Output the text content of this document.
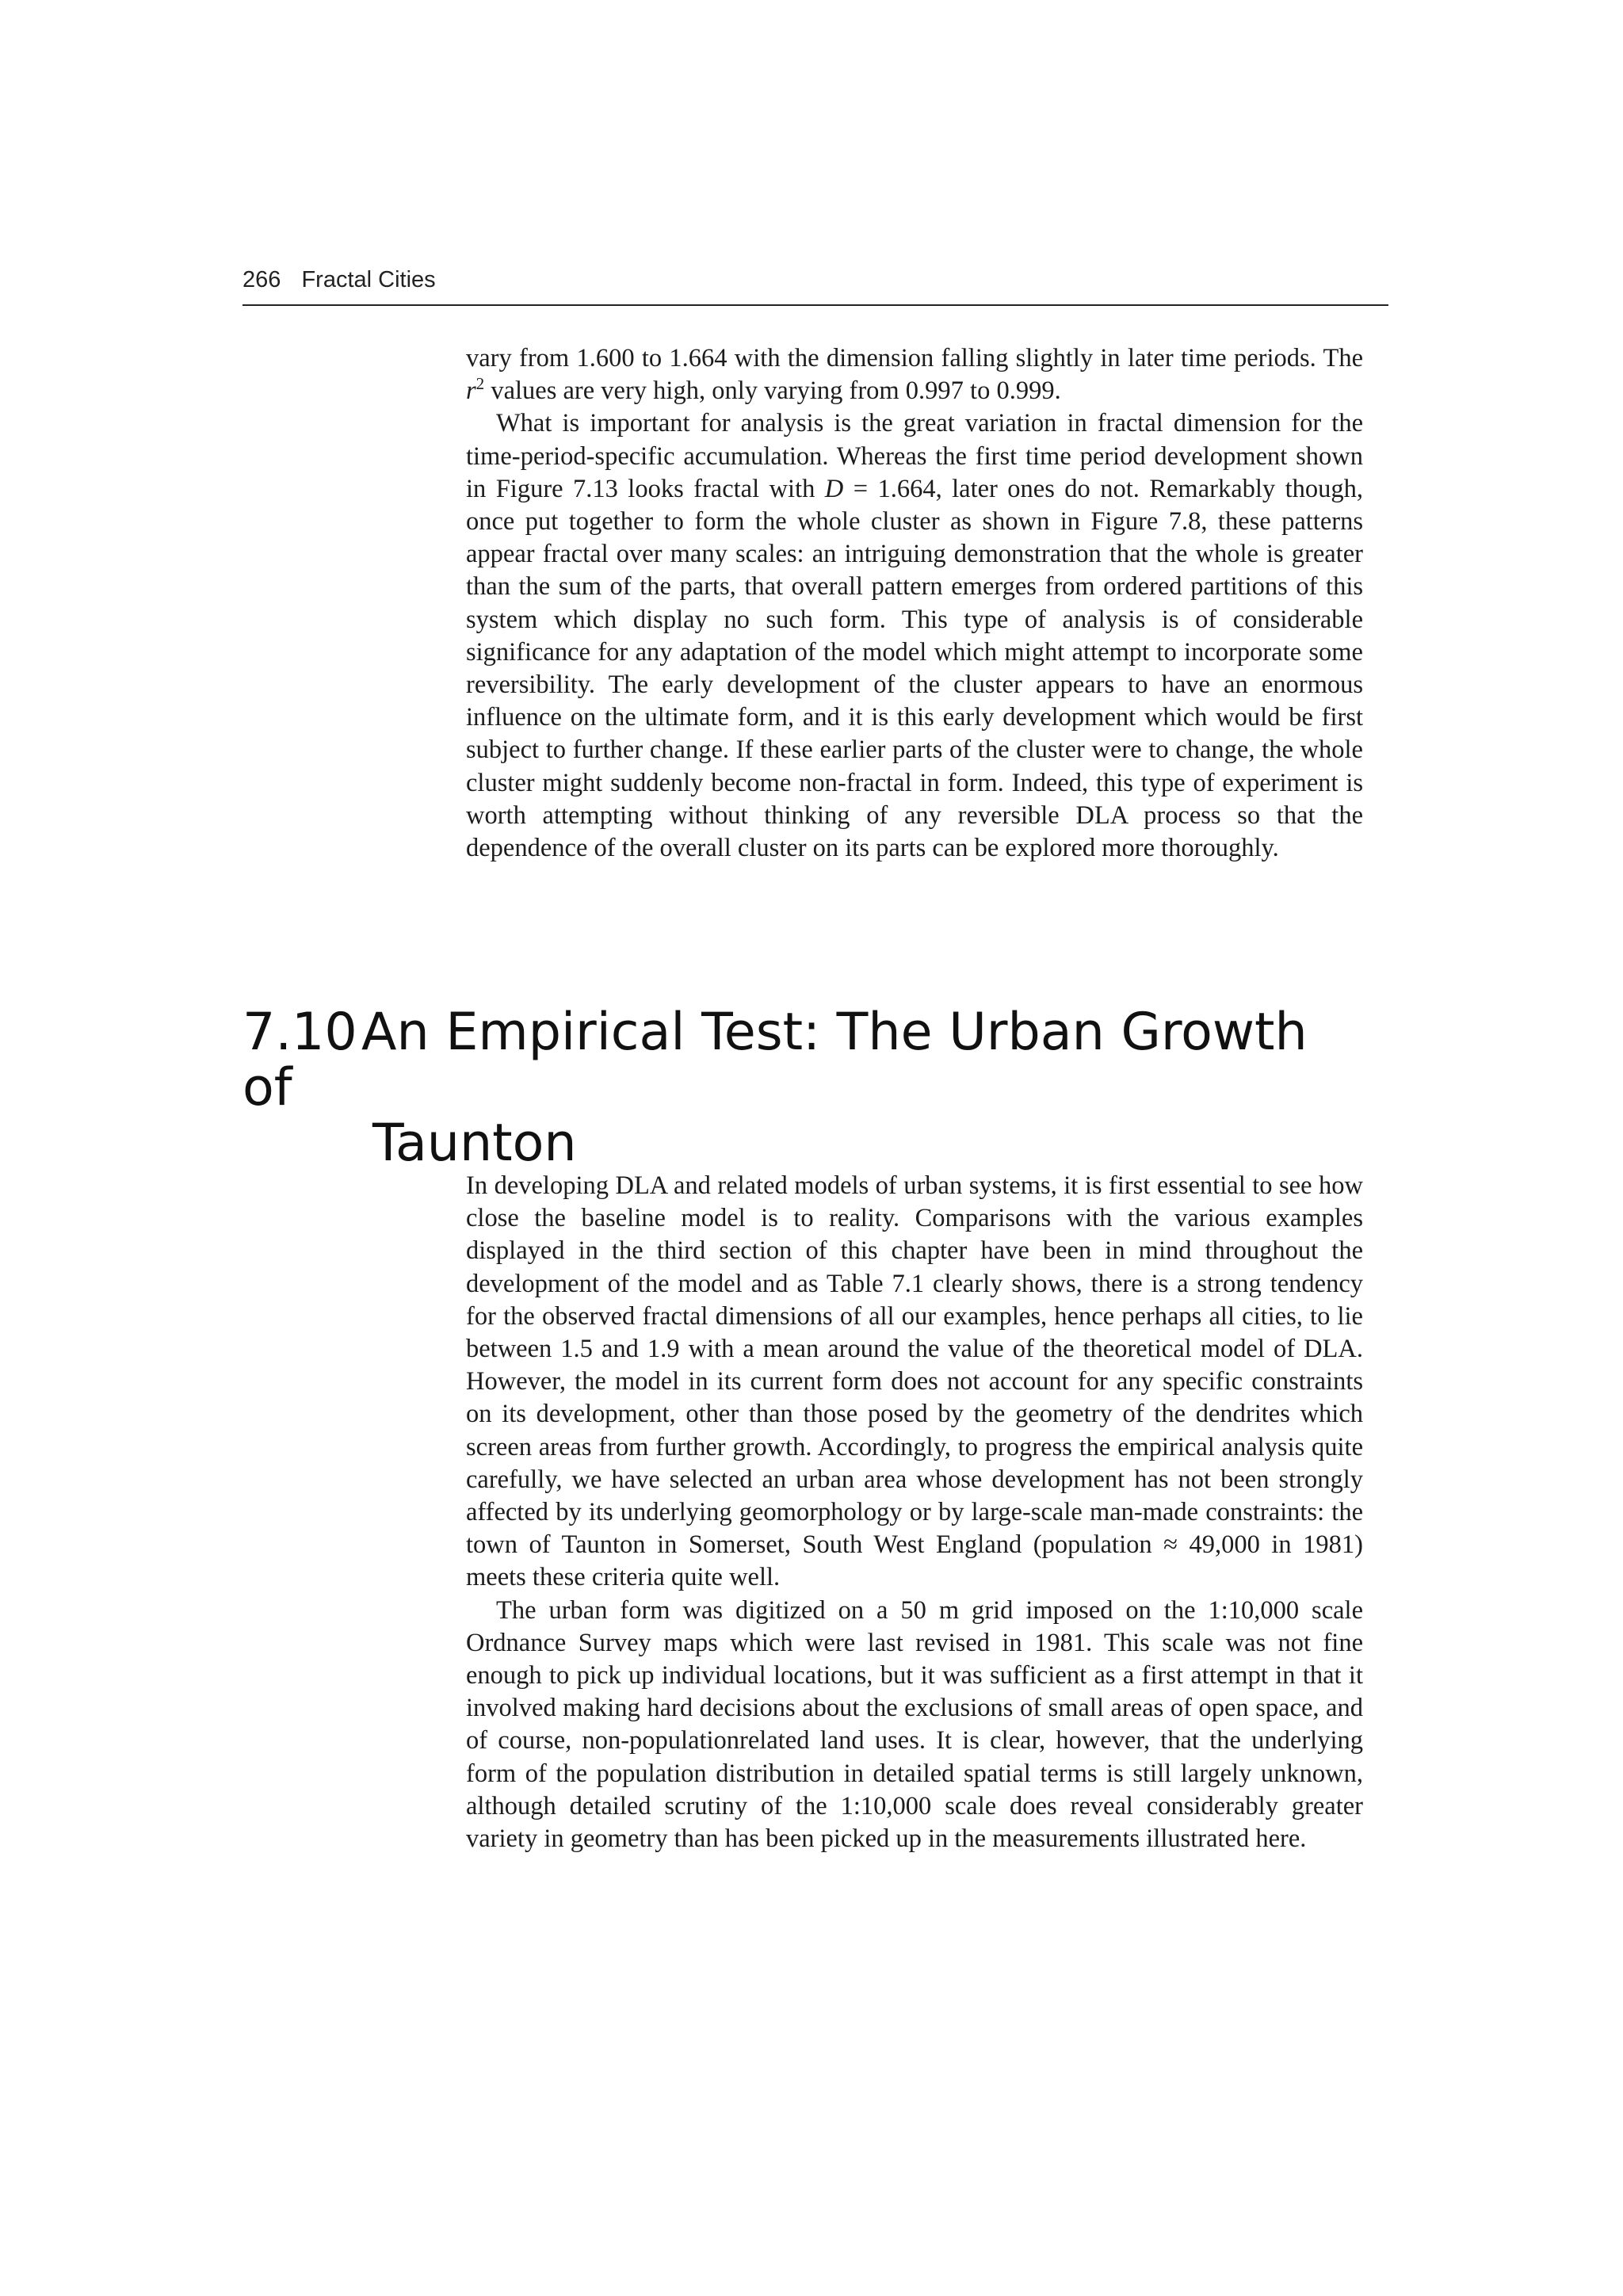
266 Fractal Cities

vary from 1.600 to 1.664 with the dimension falling slightly in later time periods. The $r^2$ values are very high, only varying from 0.997 to 0.999.

What is important for analysis is the great variation in fractal dimension for the time-period-specific accumulation. Whereas the first time period development shown in Figure 7.13 looks fractal with D = 1.664, later ones do not. Remarkably though, once put together to form the whole cluster as shown in Figure 7.8, these patterns appear fractal over many scales: an intriguing demonstration that the whole is greater than the sum of the parts, that overall pattern emerges from ordered partitions of this system which display no such form. This type of analysis is of considerable significance for any adaptation of the model which might attempt to incorporate some reversibility. The early development of the cluster appears to have an enormous influence on the ultimate form, and it is this early development which would be first subject to further change. If these earlier parts of the cluster were to change, the whole cluster might suddenly become non-fractal in form. Indeed, this type of experiment is worth attempting without thinking of any reversible DLA process so that the dependence of the overall cluster on its parts can be explored more thoroughly.

7.10An Empirical Test: The Urban Growth of
Taunton

In developing DLA and related models of urban systems, it is first essential to see how close the baseline model is to reality. Comparisons with the various examples displayed in the third section of this chapter have been in mind throughout the development of the model and as Table 7.1 clearly shows, there is a strong tendency for the observed fractal dimensions of all our examples, hence perhaps all cities, to lie between 1.5 and 1.9 with a mean around the value of the theoretical model of DLA. However, the model in its current form does not account for any specific constraints on its development, other than those posed by the geometry of the dendrites which screen areas from further growth. Accordingly, to progress the empirical analysis quite carefully, we have selected an urban area whose development has not been strongly affected by its underlying geomorphology or by large-scale man-made constraints: the town of Taunton in Somerset, South West England (population ≈ 49,000 in 1981) meets these criteria quite well.

The urban form was digitized on a 50 m grid imposed on the 1:10,000 scale Ordnance Survey maps which were last revised in 1981. This scale was not fine enough to pick up individual locations, but it was sufficient as a first attempt in that it involved making hard decisions about the exclusions of small areas of open space, and of course, non-populationrelated land uses. It is clear, however, that the underlying form of the population distribution in detailed spatial terms is still largely unknown, although detailed scrutiny of the 1:10,000 scale does reveal considerably greater variety in geometry than has been picked up in the measurements illustrated here.
